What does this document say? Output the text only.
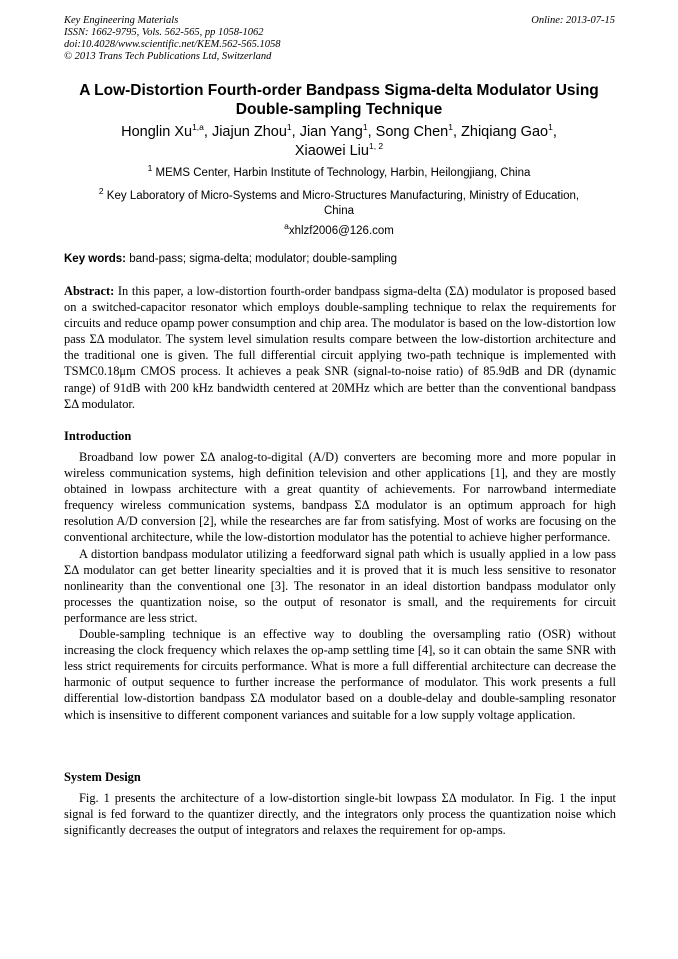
Key Engineering Materials
ISSN: 1662-9795, Vols. 562-565, pp 1058-1062
doi:10.4028/www.scientific.net/KEM.562-565.1058
© 2013 Trans Tech Publications Ltd, Switzerland
Online: 2013-07-15
A Low-Distortion Fourth-order Bandpass Sigma-delta Modulator Using
Double-sampling Technique
Honglin Xu$^{1,a}$, Jiajun Zhou$^1$, Jian Yang$^1$, Song Chen$^1$, Zhiqiang Gao$^1$,
Xiaowei Liu$^{1, 2}$
$^1$ MEMS Center, Harbin Institute of Technology, Harbin, Heilongjiang, China
$^2$ Key Laboratory of Micro-Systems and Micro-Structures Manufacturing, Ministry of Education,
China
$^a$xhlzf2006@126.com
Key words: band-pass; sigma-delta; modulator; double-sampling
Abstract: In this paper, a low-distortion fourth-order bandpass sigma-delta (ΣΔ) modulator is proposed based on a switched-capacitor resonator which employs double-sampling technique to relax the requirements for circuits and reduce opamp power consumption and chip area. The modulator is based on the low-distortion low pass ΣΔ modulator. The system level simulation results compare between the low-distortion architecture and the traditional one is given. The full differential circuit applying two-path technique is implemented with TSMC0.18μm CMOS process. It achieves a peak SNR (signal-to-noise ratio) of 85.9dB and DR (dynamic range) of 91dB with 200 kHz bandwidth centered at 20MHz which are better than the conventional bandpass ΣΔ modulator.
Introduction

Broadband low power ΣΔ analog-to-digital (A/D) converters are becoming more and more popular in wireless communication systems, high definition television and other applications [1], and they are mostly obtained in lowpass architecture with a great quantity of achievements. For narrowband intermediate frequency wireless communication systems, bandpass ΣΔ modulator is an optimum approach for high resolution A/D conversion [2], while the researches are far from satisfying. Most of works are focusing on the conventional architecture, while the low-distortion modulator has the potential to achieve higher performance.

A distortion bandpass modulator utilizing a feedforward signal path which is usually applied in a low pass ΣΔ modulator can get better linearity specialties and it is proved that it is much less sensitive to resonator nonlinearity than the conventional one [3]. The resonator in an ideal distortion bandpass modulator only processes the quantization noise, so the output of resonator is small, and the requirements for circuit performance are less strict.

Double-sampling technique is an effective way to doubling the oversampling ratio (OSR) without increasing the clock frequency which relaxes the op-amp settling time [4], so it can obtain the same SNR with less strict requirements for circuits performance. What is more a full differential architecture can decrease the harmonic of output sequence to further increase the performance of modulator. This work presents a full differential low-distortion bandpass ΣΔ modulator based on a double-delay and double-sampling resonator which is insensitive to different component variances and suitable for a low supply voltage application.

System Design

Fig. 1 presents the architecture of a low-distortion single-bit lowpass ΣΔ modulator. In Fig. 1 the input signal is fed forward to the quantizer directly, and the integrators only process the quantization noise which significantly decreases the output of integrators and relaxes the requirement for op-amps.
